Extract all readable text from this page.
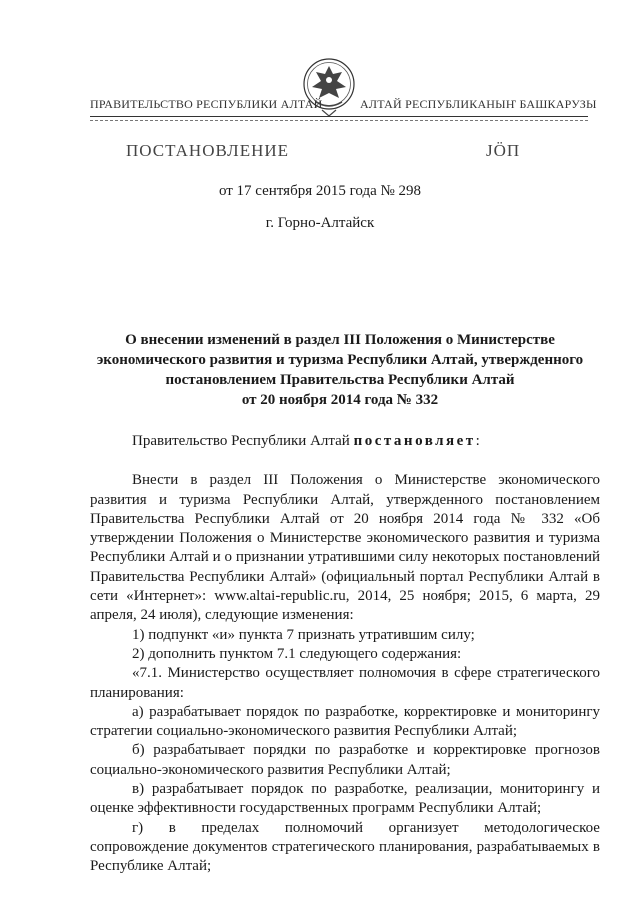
ПРАВИТЕЛЬСТВО РЕСПУБЛИКИ АЛТАЙ	АЛТАЙ РЕСПУБЛИКАНЫҤ БАШКАРУЗЫ
ПОСТАНОВЛЕНИЕ	ЈÖП
от 17 сентября 2015 года № 298
г. Горно-Алтайск
О внесении изменений в раздел III Положения о Министерстве
экономического развития и туризма Республики Алтай, утвержденного
постановлением Правительства Республики Алтай
от 20 ноября 2014 года № 332

Правительство Республики Алтай постановляет:

Внести в раздел III Положения о Министерстве экономического развития и туризма Республики Алтай, утвержденного постановлением Правительства Республики Алтай от 20 ноября 2014 года № 332 «Об утверждении Положения о Министерстве экономического развития и туризма Республики Алтай и о признании утратившими силу некоторых постановлений Правительства Республики Алтай» (официальный портал Республики Алтай в сети «Интернет»: www.altai-republic.ru, 2014, 25 ноября; 2015, 6 марта, 29 апреля, 24 июля), следующие изменения:

1) подпункт «и» пункта 7 признать утратившим силу;

2) дополнить пунктом 7.1 следующего содержания:

«7.1. Министерство осуществляет полномочия в сфере стратегического планирования:

а) разрабатывает порядок по разработке, корректировке и мониторингу стратегии социально-экономического развития Республики Алтай;

б) разрабатывает порядки по разработке и корректировке прогнозов социально-экономического развития Республики Алтай;

в) разрабатывает порядок по разработке, реализации, мониторингу и оценке эффективности государственных программ Республики Алтай;

г) в пределах полномочий организует методологическое

сопровождение документов стратегического планирования, разрабатываемых в Республике Алтай;
